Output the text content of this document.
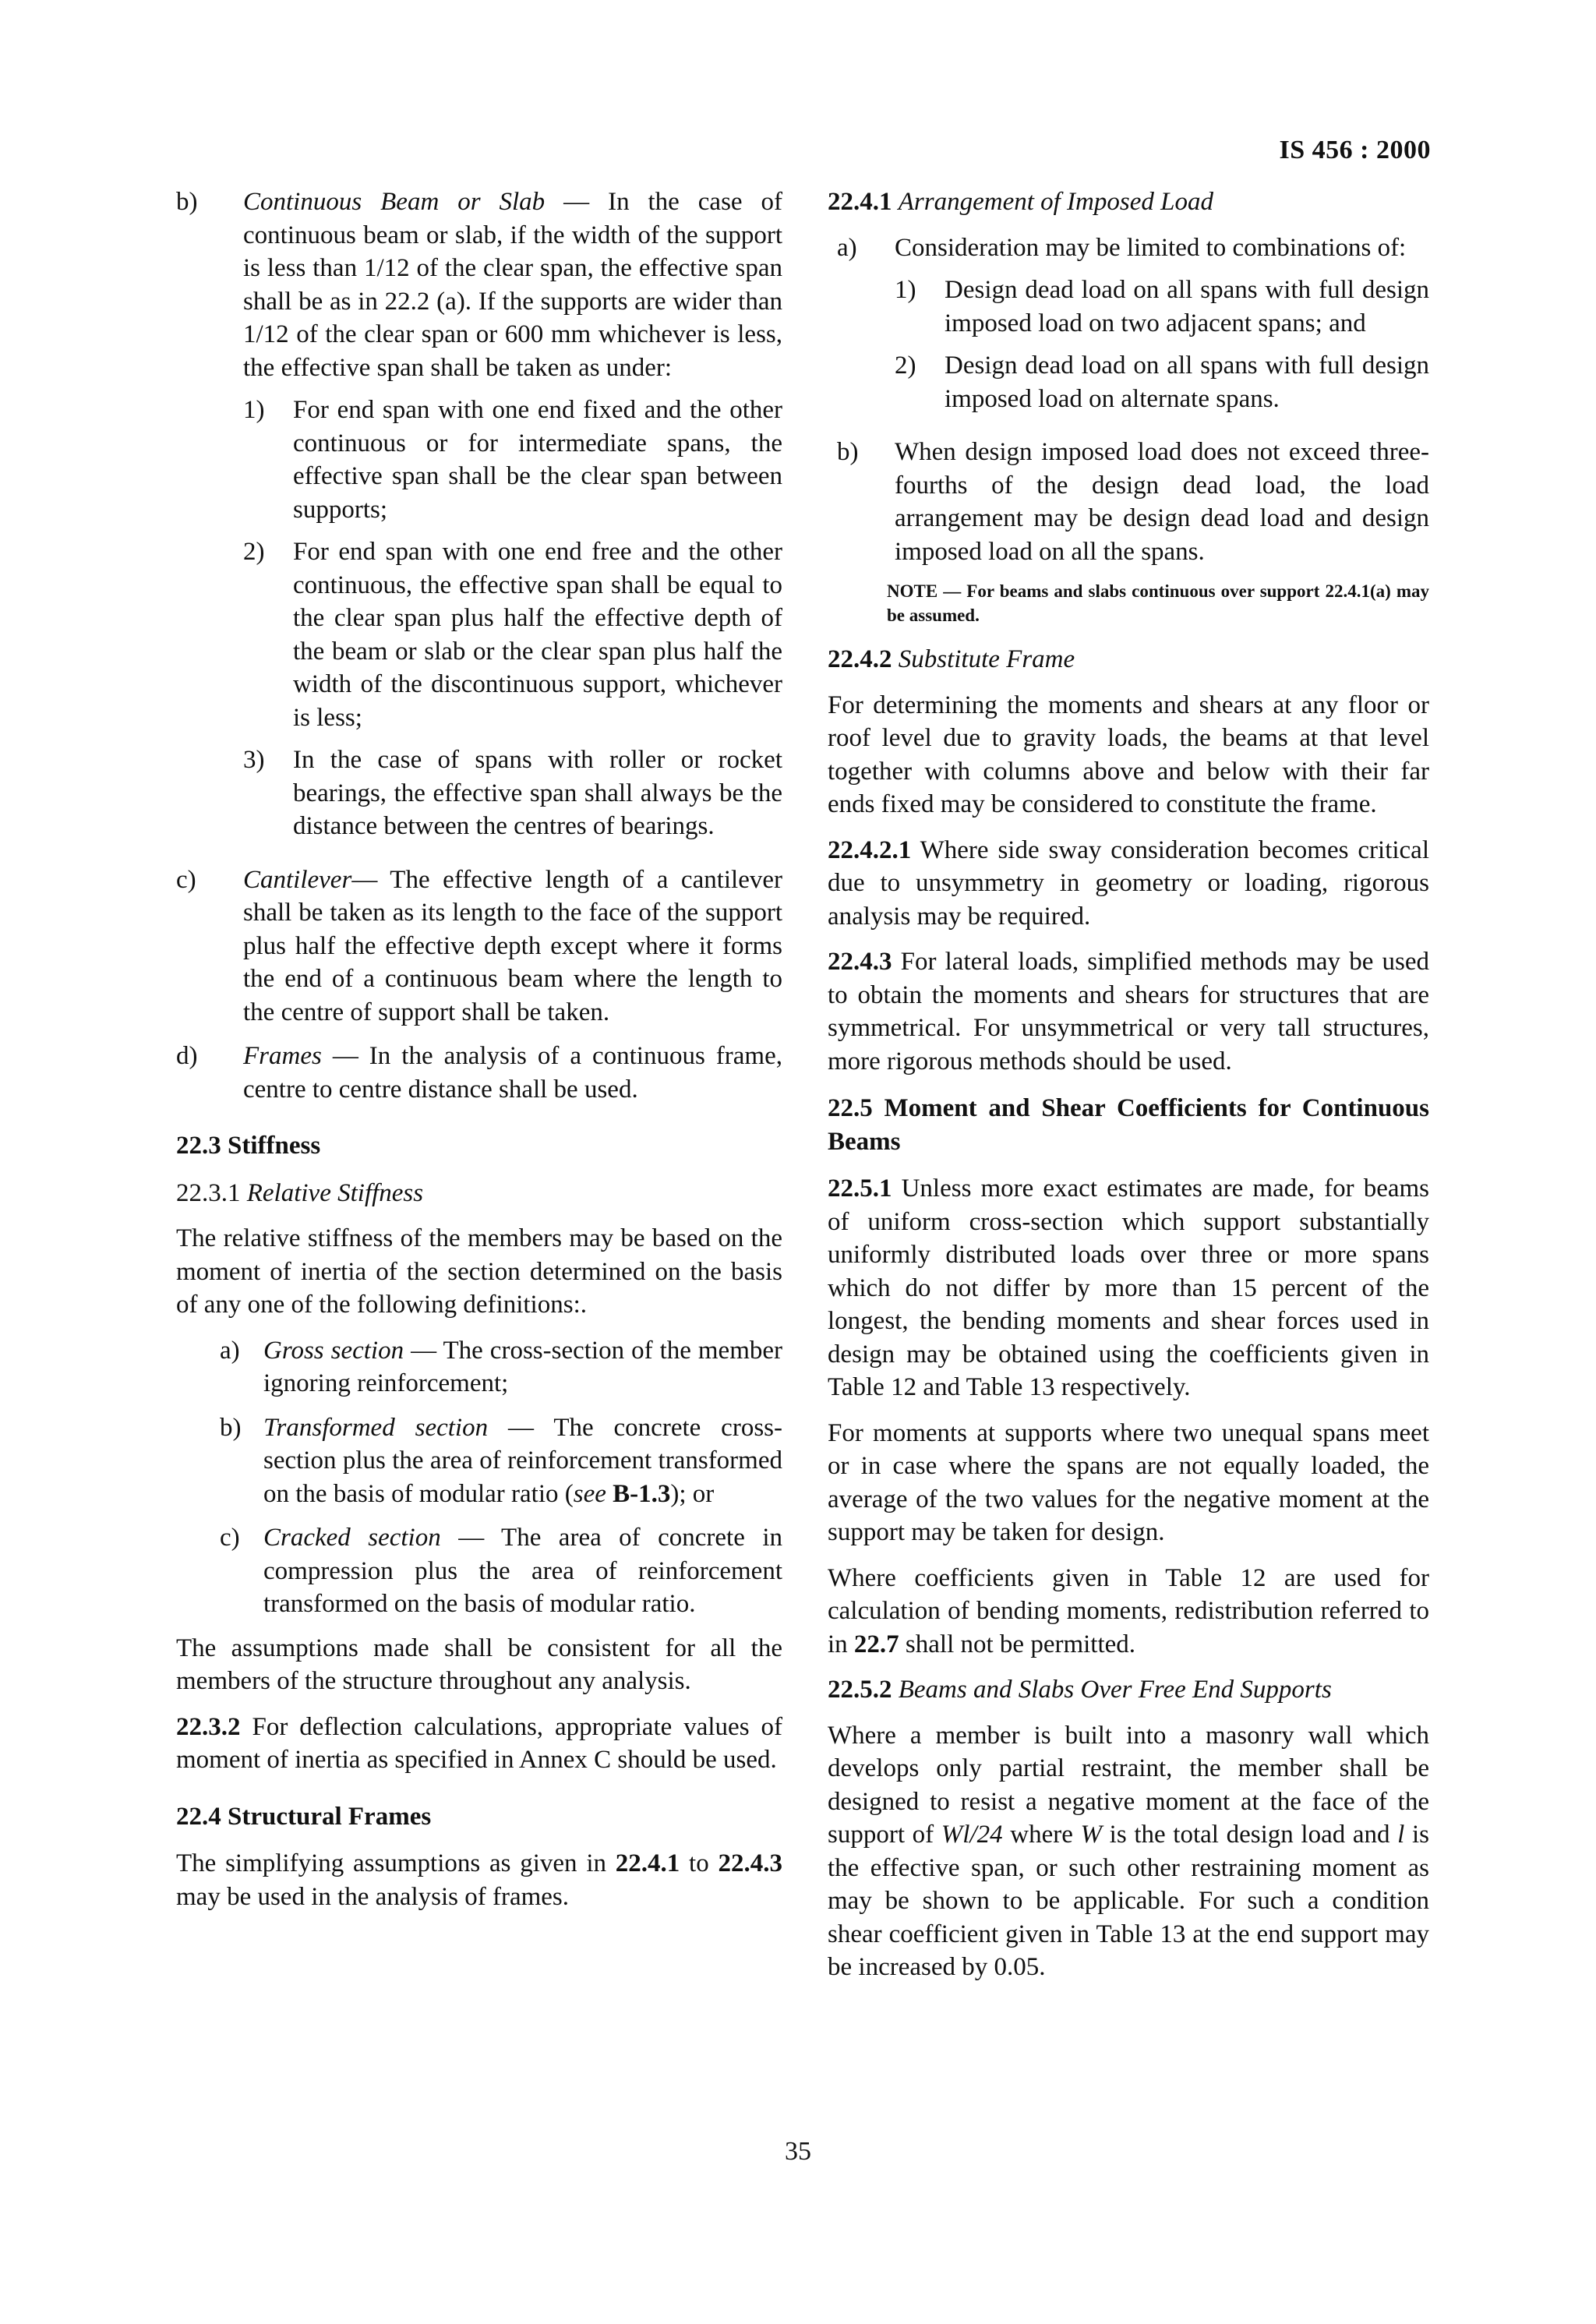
IS 456 : 2000
b)	Continuous Beam or Slab — In the case of continuous beam or slab, if the width of the support is less than 1/12 of the clear span, the effective span shall be as in 22.2 (a). If the supports are wider than 1/12 of the clear span or 600 mm whichever is less, the effective span shall be taken as under:
1)	For end span with one end fixed and the other continuous or for intermediate spans, the effective span shall be the clear span between supports;
2)	For end span with one end free and the other continuous, the effective span shall be equal to the clear span plus half the effective depth of the beam or slab or the clear span plus half the width of the discontinuous support, whichever is less;
3)	In the case of spans with roller or rocket bearings, the effective span shall always be the distance between the centres of bearings.
c)	Cantilever— The effective length of a cantilever shall be taken as its length to the face of the support plus half the effective depth except where it forms the end of a continuous beam where the length to the centre of support shall be taken.
d)	Frames — In the analysis of a continuous frame, centre to centre distance shall be used.
22.3 Stiffness

22.3.1 Relative Stiffness

The relative stiffness of the members may be based on the moment of inertia of the section determined on the basis of any one of the following definitions:.

a) Gross section — The cross-section of the member ignoring reinforcement;
b) Transformed section — The concrete cross-section plus the area of reinforcement transformed on the basis of modular ratio (see B-1.3); or
c) Cracked section — The area of concrete in compression plus the area of reinforcement transformed on the basis of modular ratio.

The assumptions made shall be consistent for all the members of the structure throughout any analysis.

22.3.2 For deflection calculations, appropriate values of moment of inertia as specified in Annex C should be used.

22.4 Structural Frames

The simplifying assumptions as given in 22.4.1 to 22.4.3 may be used in the analysis of frames.

22.4.1 Arrangement of Imposed Load

a)	Consideration may be limited to combinations of:
1)	Design dead load on all spans with full design imposed load on two adjacent spans; and
2)	Design dead load on all spans with full design imposed load on alternate spans.
b)	When design imposed load does not exceed three-fourths of the design dead load, the load arrangement may be design dead load and design imposed load on all the spans.
NOTE — For beams and slabs continuous over support 22.4.1(a) may be assumed.

22.4.2 Substitute Frame

For determining the moments and shears at any floor or roof level due to gravity loads, the beams at that level together with columns above and below with their far ends fixed may be considered to constitute the frame.

22.4.2.1 Where side sway consideration becomes critical due to unsymmetry in geometry or loading, rigorous analysis may be required.

22.4.3 For lateral loads, simplified methods may be used to obtain the moments and shears for structures that are symmetrical. For unsymmetrical or very tall structures, more rigorous methods should be used.

22.5 Moment and Shear Coefficients for Continuous Beams

22.5.1 Unless more exact estimates are made, for beams of uniform cross-section which support substantially uniformly distributed loads over three or more spans which do not differ by more than 15 percent of the longest, the bending moments and shear forces used in design may be obtained using the coefficients given in Table 12 and Table 13 respectively.

For moments at supports where two unequal spans meet or in case where the spans are not equally loaded, the average of the two values for the negative moment at the support may be taken for design.

Where coefficients given in Table 12 are used for calculation of bending moments, redistribution referred to in 22.7 shall not be permitted.

22.5.2 Beams and Slabs Over Free End Supports

Where a member is built into a masonry wall which develops only partial restraint, the member shall be designed to resist a negative moment at the face of the support of Wl/24 where W is the total design load and l is the effective span, or such other restraining moment as may be shown to be applicable. For such a condition shear coefficient given in Table 13 at the end support may be increased by 0.05.

35
